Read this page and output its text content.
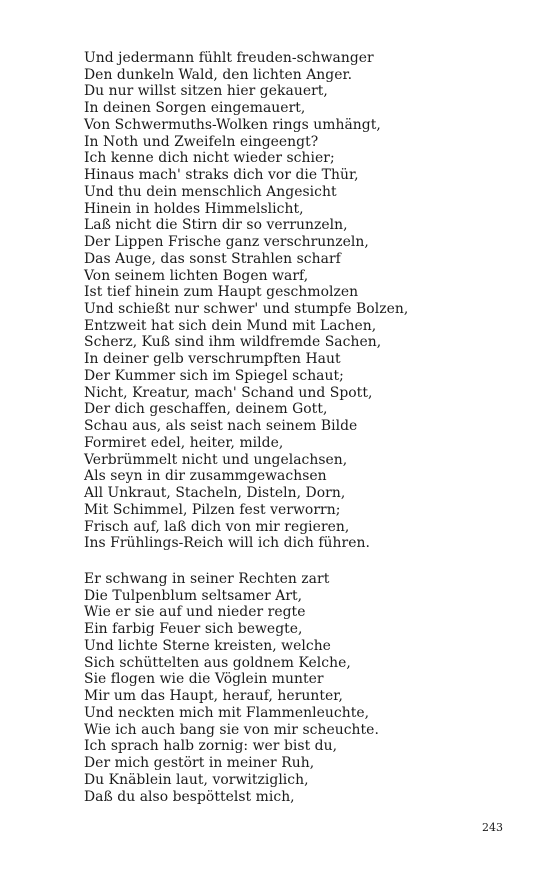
Und jedermann fühlt freuden-schwanger
Den dunkeln Wald, den lichten Anger.
Du nur willst sitzen hier gekauert,
In deinen Sorgen eingemauert,
Von Schwermuths-Wolken rings umhängt,
In Noth und Zweifeln eingeengt?
Ich kenne dich nicht wieder schier;
Hinaus mach' straks dich vor die Thür,
Und thu dein menschlich Angesicht
Hinein in holdes Himmelslicht,
Laß nicht die Stirn dir so verrunzeln,
Der Lippen Frische ganz verschrunzeln,
Das Auge, das sonst Strahlen scharf
Von seinem lichten Bogen warf,
Ist tief hinein zum Haupt geschmolzen
Und schießt nur schwer' und stumpfe Bolzen,
Entzweit hat sich dein Mund mit Lachen,
Scherz, Kuß sind ihm wildfremde Sachen,
In deiner gelb verschrumpften Haut
Der Kummer sich im Spiegel schaut;
Nicht, Kreatur, mach' Schand und Spott,
Der dich geschaffen, deinem Gott,
Schau aus, als seist nach seinem Bilde
Formiret edel, heiter, milde,
Verbrümmelt nicht und ungelachsen,
Als seyn in dir zusammgewachsen
All Unkraut, Stacheln, Disteln, Dorn,
Mit Schimmel, Pilzen fest verworrn;
Frisch auf, laß dich von mir regieren,
Ins Frühlings-Reich will ich dich führen.
Er schwang in seiner Rechten zart
Die Tulpenblum seltsamer Art,
Wie er sie auf und nieder regte
Ein farbig Feuer sich bewegte,
Und lichte Sterne kreisten, welche
Sich schüttelten aus goldnem Kelche,
Sie flogen wie die Vöglein munter
Mir um das Haupt, herauf, herunter,
Und neckten mich mit Flammenleuchte,
Wie ich auch bang sie von mir scheuchte.
Ich sprach halb zornig: wer bist du,
Der mich gestört in meiner Ruh,
Du Knäblein laut, vorwitziglich,
Daß du also bespöttelst mich,
243
